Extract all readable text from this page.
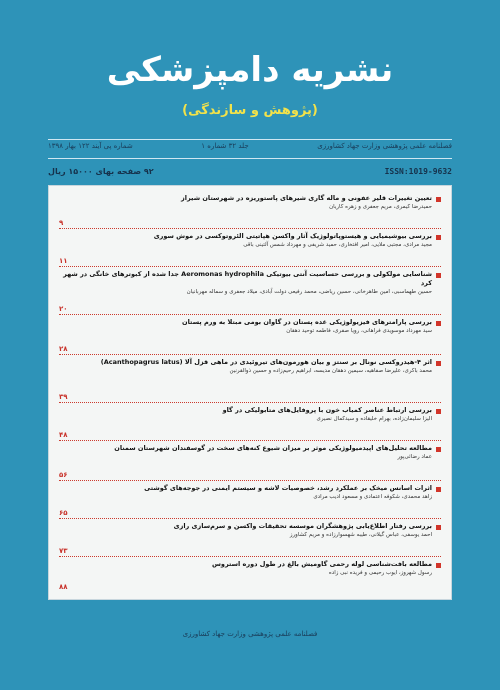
نشریه دامپزشکی
(پژوهش و سازندگی)
فصلنامه علمی پژوهشی وزارت جهاد کشاورزی
جلد ۳۲ شماره ۱
شماره پی آیند ۱۲۲ بهار ۱۳۹۸
ISSN:1019-9632
۹۲ صفحه بهای ۱۵۰۰۰ ریال
تعیین تغییرات قلیر عفونی و ماله گاری شیرهای پاستوریزه در شهرستان شیراز
حمیدرضا کیمری، مریم جعفری و زهره کاریان
۹
بررسی بیوشیمیایی و هیستوپاتولوژیک آثار واکسن هپاتیتی الئروتوکسی در موش سوری
مجید مرادی، مجتبی ملایی، امیر افتخاری، حمید شریفی و مهرداد شمس آلتینی باقی
۱۱
شناسایی مولکولی و بررسی حساسیت آنتی بیوتیکی Aeromonas hydrophila جدا شده از کبوترهای خانگی در شهر کرد
حسین طهماسبی، امین طاهرخانی، حسین ریاضی، محمد رفیعی دولت آبادی، میلاد جعفری و سماله مهربانیان
۲۰
بررسی پارامترهای فیزیولوژیکی غده پستان در گاوان بومی مبتلا به ورم پستان
سید مهرداد موسویدی فراهانی، رویا صفری، فاطمه توحید دهقان
۲۸
اثر ۴-هیدروکسی نونال بر سنتز و بیان هورمون‌های تیروئیدی در ماهی قزل آلا (Acanthopagrus latus)
محمد باکری، علیرضا صفاهیه، سیمین دهقان مدیسه، ابراهیم رحیم‌زاده و حسین ذوالقرنین
۳۹
بررسی ارتباط عناصر کمیاب خون با پروفایل‌های متابولیکی در گاو
الیزا سلیمان‌زاده، بهرام خلیقاده و سیدکمال نصیری
۴۸
مطالعه تحلیل‌های اپیدمیولوژیکی موثر بر میزان شیوع کنه‌های سخت در گوسفندان شهرستان سمنان
عماد رضائی‌پور
۵۶
اثرات اسانس میخک بر عملکرد رشد، خصوصیات لاشه و سیستم ایمنی در جوجه‌های گوشتی
زاهد محمدی، شکوفه اعتمادی و مسعود ادیب مرادی
۶۵
بررسی رفتار اطلاع‌یابی پژوهشگران موسسه تحقیقات واکسن و سرم‌سازی رازی
احمد یوسفی، عباس گیلانی، طیبه شهسوارزاده و مریم کشاورز
۷۳
مطالعه بافت‌شناسی لوله رحمی گاومیش بالغ در طول دوره استروس
رسول شهروز، ایوب رحیمی و فریده نبی زاده
۸۸
فصلنامه علمی پژوهشی وزارت جهاد کشاورزی
